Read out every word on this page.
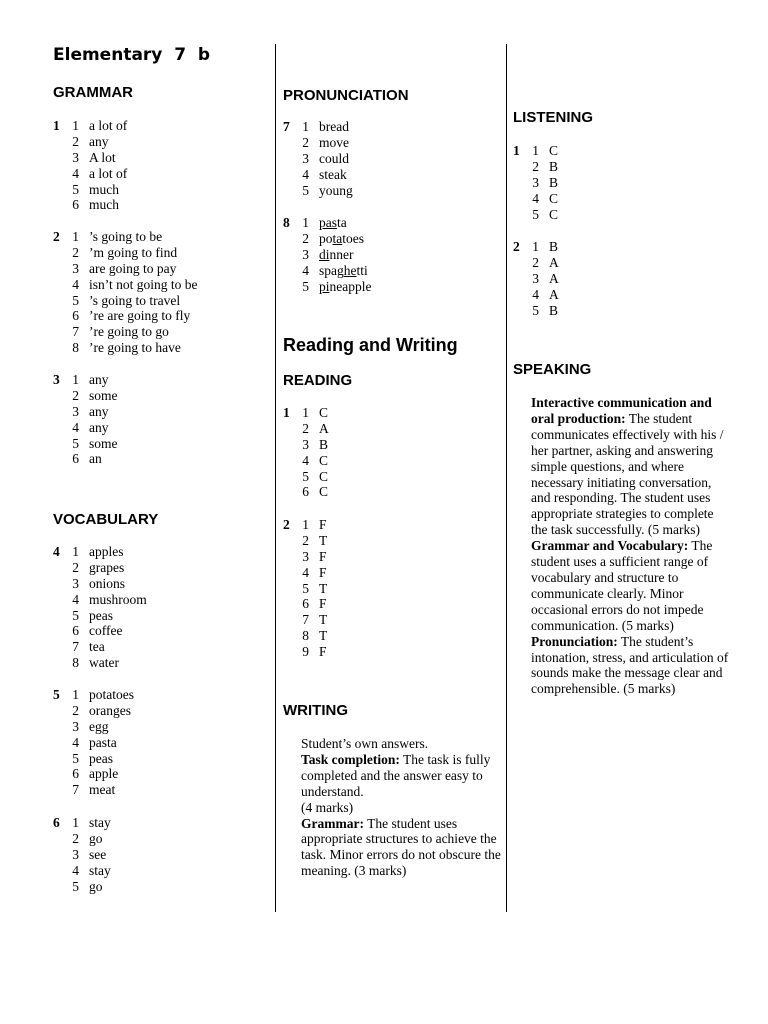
Elementary  7  b
GRAMMAR
1 1 a lot of
2 any
3 A lot
4 a lot of
5 much
6 much
2 1 ’s going to be
2 ’m going to find
3 are going to pay
4 isn’t not going to be
5 ’s going to travel
6 ’re are going to fly
7 ’re going to go
8 ’re going to have
3 1 any
2 some
3 any
4 any
5 some
6 an
VOCABULARY
4 1 apples
2 grapes
3 onions
4 mushroom
5 peas
6 coffee
7 tea
8 water
5 1 potatoes
2 oranges
3 egg
4 pasta
5 peas
6 apple
7 meat
6 1 stay
2 go
3 see
4 stay
5 go
PRONUNCIATION
7 1 bread
2 move
3 could
4 steak
5 young
8 1 pasta
2 potatoes
3 dinner
4 spaghetti
5 pineapple
Reading and Writing
READING
1 1 C
2 A
3 B
4 C
5 C
6 C
2 1 F
2 T
3 F
4 F
5 T
6 F
7 T
8 T
9 F
WRITING

Student’s own answers.

Task completion: The task is fully completed and the answer easy to understand.

(4 marks)

Grammar: The student uses appropriate structures to achieve the task. Minor errors do not obscure the meaning. (3 marks)

LISTENING
1 1 C
2 B
3 B
4 C
5 C
2 1 B
2 A
3 A
4 A
5 B
SPEAKING

Interactive communication and oral production: The student communicates effectively with his / her partner, asking and answering simple questions, and where necessary initiating conversation, and responding. The student uses appropriate strategies to complete the task successfully. (5 marks)

Grammar and Vocabulary: The student uses a sufficient range of vocabulary and structure to communicate clearly. Minor occasional errors do not impede communication. (5 marks)

Pronunciation: The student’s intonation, stress, and articulation of sounds make the message clear and comprehensible. (5 marks)
